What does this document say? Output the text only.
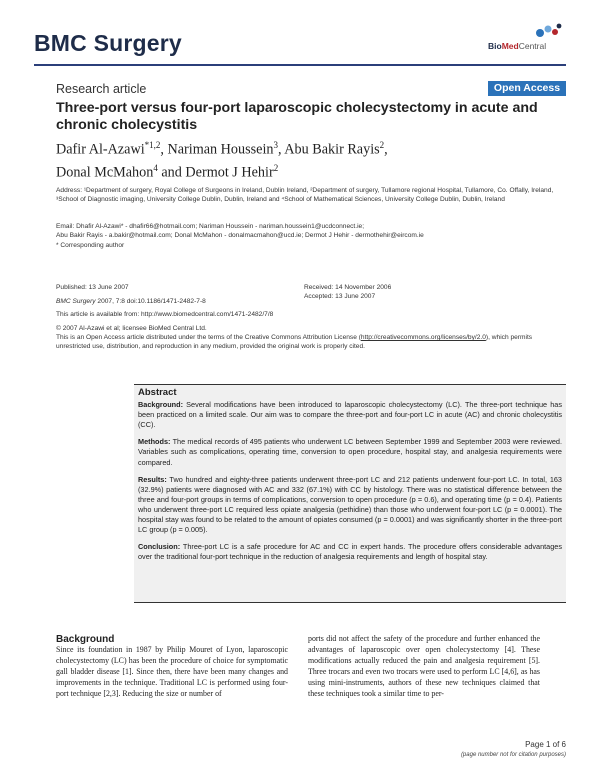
BMC Surgery	BioMedCentral
Research article	Open Access
Three-port versus four-port laparoscopic cholecystectomy in acute and chronic cholecystitis
Dafir Al-Azawi$^{*1,2}$, Nariman Houssein$^3$, Abu Bakir Rayis$^2$,
Donal McMahon$^4$ and Dermot J Hehir$^2$
Address: ¹Department of surgery, Royal College of Surgeons in Ireland, Dublin Ireland, ²Department of surgery, Tullamore regional Hospital, Tullamore, Co. Offally, Ireland, ³School of Diagnostic imaging, University College Dublin, Dublin, Ireland and ⁴School of Mathematical Sciences, University College Dublin, Dublin, Ireland
Email: Dhafir Al-Azawi* - dhafir66@hotmail.com; Nariman Houssein - nariman.houssein1@ucdconnect.ie;
Abu Bakir Rayis - a.bakir@hotmail.com; Donal McMahon - donalmacmahon@ucd.ie; Dermot J Hehir - dermothehir@eircom.ie
* Corresponding author
Published: 13 June 2007	Received: 14 November 2006
Accepted: 13 June 2007
BMC Surgery 2007, 7:8 doi:10.1186/1471-2482-7-8
This article is available from: http://www.biomedcentral.com/1471-2482/7/8
© 2007 Al-Azawi et al; licensee BioMed Central Ltd.
This is an Open Access article distributed under the terms of the Creative Commons Attribution License (http://creativecommons.org/licenses/by/2.0), which permits unrestricted use, distribution, and reproduction in any medium, provided the original work is properly cited.
Abstract

Background: Several modifications have been introduced to laparoscopic cholecystectomy (LC). The three-port technique has been practiced on a limited scale. Our aim was to compare the three-port and four-port LC in acute (AC) and chronic cholecystitis (CC).

Methods: The medical records of 495 patients who underwent LC between September 1999 and September 2003 were reviewed. Variables such as complications, operating time, conversion to open procedure, hospital stay, and analgesia requirements were compared.

Results: Two hundred and eighty-three patients underwent three-port LC and 212 patients underwent four-port LC. In total, 163 (32.9%) patients were diagnosed with AC and 332 (67.1%) with CC by histology. There was no statistical difference between the three and four-port groups in terms of complications, conversion to open procedure (p = 0.6), and operating time (p = 0.4). Patients who underwent three-port LC required less opiate analgesia (pethidine) than those who underwent four-port LC (p = 0.0001). The hospital stay was found to be related to the amount of opiates consumed (p = 0.0001) and was significantly shorter in the three-port LC group (p = 0.005).

Conclusion: Three-port LC is a safe procedure for AC and CC in expert hands. The procedure offers considerable advantages over the traditional four-port technique in the reduction of analgesia requirements and length of hospital stay.

Background
Since its foundation in 1987 by Philip Mouret of Lyon, laparoscopic cholecystectomy (LC) has been the procedure of choice for symptomatic gall bladder disease [1]. Since then, there have been many changes and improvements in the technique. Traditional LC is performed using four-port technique [2,3]. Reducing the size or number of
ports did not affect the safety of the procedure and further enhanced the advantages of laparoscopic over open cholecystectomy [4]. These modifications actually reduced the pain and analgesia requirement [5]. Three trocars and even two trocars were used to perform LC [4,6], as has using mini-instruments, authors of these new techniques claimed that these techniques took a similar time to per-
Page 1 of 6
(page number not for citation purposes)
